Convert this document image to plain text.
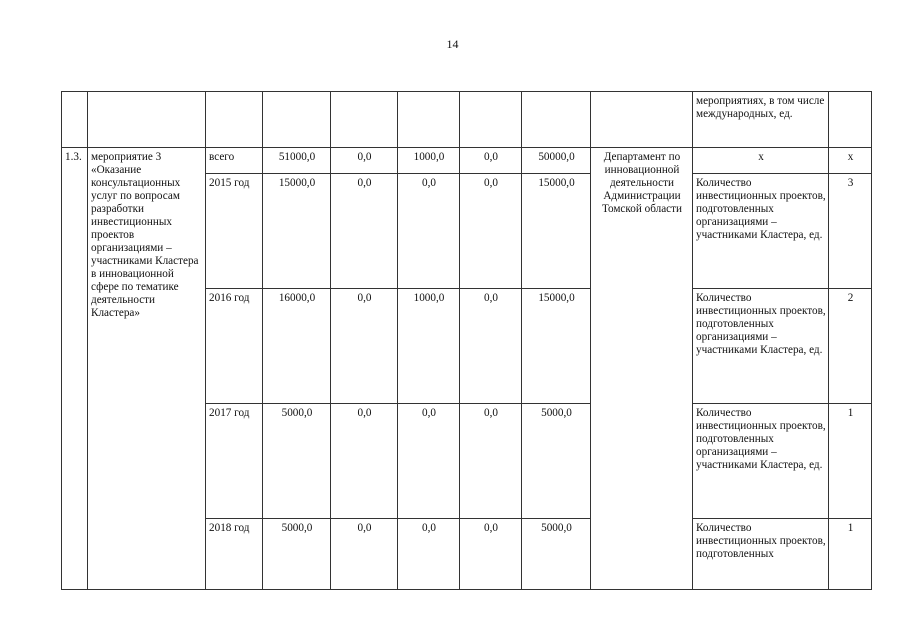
14
									мероприятиях, в том числе международных, ед.	
1.3.	мероприятие 3
«Оказание консультационных услуг по вопросам разработки инвестиционных проектов организациями – участниками Кластера
в инновационной сфере по тематике деятельности Кластера»	всего	51000,0	0,0	1000,0	0,0	50000,0	Департамент по инновационной деятельности Администрации Томской области	x	x
		2015 год	15000,0	0,0	0,0	0,0	15000,0		Количество инвестиционных проектов, подготовленных организациями – участниками Кластера, ед.	3
		2016 год	16000,0	0,0	1000,0	0,0	15000,0		Количество инвестиционных проектов, подготовленных организациями – участниками Кластера, ед.	2
		2017 год	5000,0	0,0	0,0	0,0	5000,0		Количество инвестиционных проектов, подготовленных организациями – участниками Кластера, ед.	1
		2018 год	5000,0	0,0	0,0	0,0	5000,0		Количество инвестиционных проектов, подготовленных	1
